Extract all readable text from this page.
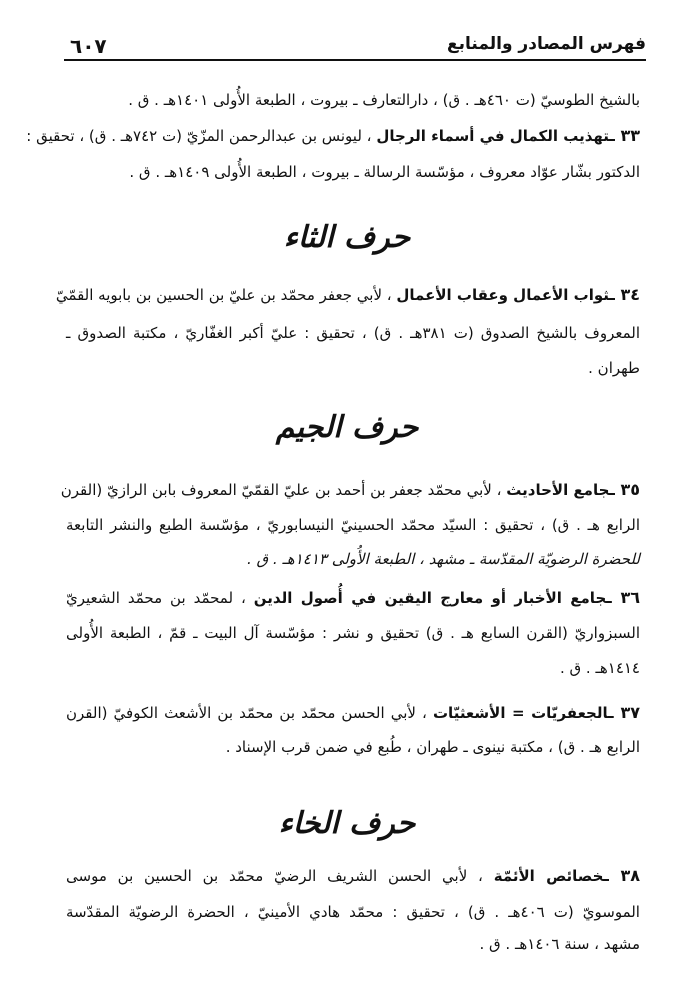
فهرس المصادر والمنابع
٦٠٧

بالشيخ الطوسيّ (ت ٤٦٠هـ . ق) ، دارالتعارف ـ بيروت ، الطبعة الأُولى ١٤٠١هـ . ق .

٣٣ ـتهذيب الكمال في أسماء الرجال ، ليونس بن عبدالرحمن المزّيّ (ت ٧٤٢هـ . ق) ، تحقيق :

الدكتور بشّار عوّاد معروف ، مؤسّسة الرسالة ـ بيروت ، الطبعة الأُولى ١٤٠٩هـ . ق .

٣٤ ـثواب الأعمال وعقاب الأعمال ، لأبي جعفر محمّد بن عليّ بن الحسين بن بابويه القمّيّ

المعروف بالشيخ الصدوق (ت ٣٨١هـ . ق) ، تحقيق : عليّ أكبر الغفّاريّ ، مكتبة الصدوق ـ

طهران .

٣٥ ـجامع الأحاديث ، لأبي محمّد جعفر بن أحمد بن عليّ القمّيّ المعروف بابن الرازيّ (القرن

الرابع هـ . ق) ، تحقيق : السيّد محمّد الحسينيّ النيسابوريّ ، مؤسّسة الطبع والنشر التابعة

للحضرة الرضويّة المقدّسة ـ مشهد ، الطبعة الأُولى ١٤١٣هـ . ق .

٣٦ ـجامع الأخبار أو معارج اليقين في أُصول الدين ، لمحمّد بن محمّد الشعيريّ

السبزواريّ (القرن السابع هـ . ق) تحقيق و نشر : مؤسّسة آل البيت ـ قمّ ، الطبعة الأُولى

١٤١٤هـ . ق .

٣٧ ـالجعفريّات = الأشعثيّات ، لأبي الحسن محمّد بن محمّد بن الأشعث الكوفيّ (القرن

الرابع هـ . ق) ، مكتبة نينوى ـ طهران ، طُبع في ضمن قرب الإسناد .

٣٨ ـخصائص الأئمّة ، لأبي الحسن الشريف الرضيّ محمّد بن الحسين بن موسى

الموسويّ (ت ٤٠٦هـ . ق) ، تحقيق : محمّد هادي الأمينيّ ، الحضرة الرضويّة المقدّسة

مشهد ، سنة ١٤٠٦هـ . ق .

حرف الثاء
حرف الجيم
حرف الخاء
